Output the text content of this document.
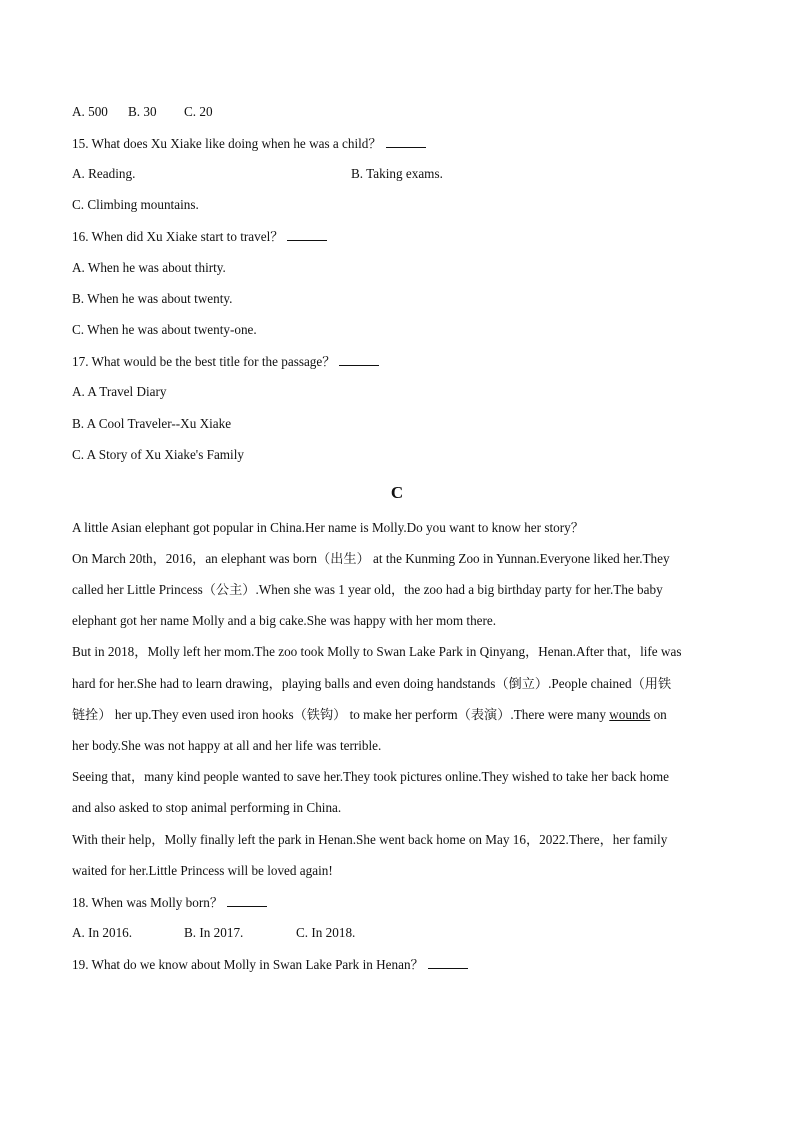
A. 500 B. 30 C. 20
15. What does Xu Xiake like doing when he was a child？
A. Reading.	B. Taking exams.
C. Climbing mountains.
16. When did Xu Xiake start to travel？
A. When he was about thirty.
B. When he was about twenty.
C. When he was about twenty-one.
17. What would be the best title for the passage？
A. A Travel Diary
B. A Cool Traveler--Xu Xiake
C. A Story of Xu Xiake's Family
C
A little Asian elephant got popular in China.Her name is Molly.Do you want to know her story？
On March 20th，2016，an elephant was born（出生） at the Kunming Zoo in Yunnan.Everyone liked her.They
called her Little Princess（公主）.When she was 1 year old，the zoo had a big birthday party for her.The baby
elephant got her name Molly and a big cake.She was happy with her mom there.
But in 2018，Molly left her mom.The zoo took Molly to Swan Lake Park in Qinyang，Henan.After that，life was
hard for her.She had to learn drawing，playing balls and even doing handstands（倒立）.People chained（用铁
链拴） her up.They even used iron hooks（铁钩） to make her perform（表演）.There were many wounds on
her body.She was not happy at all and her life was terrible.
Seeing that，many kind people wanted to save her.They took pictures online.They wished to take her back home
and also asked to stop animal performing in China.
With their help，Molly finally left the park in Henan.She went back home on May 16，2022.There，her family
waited for her.Little Princess will be loved again!
18. When was Molly born？
A. In 2016.	B. In 2017.	C. In 2018.
19. What do we know about Molly in Swan Lake Park in Henan？
